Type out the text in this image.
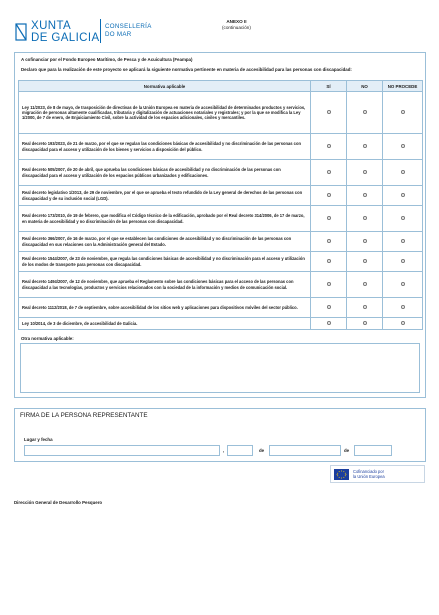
XUNTA
DE GALICIA
CONSELLERÍA
DO MAR
ANEXO II
(continuación)
A cofinanciar por el Fondo Europeo Marítimo, de Pesca y de Acuicultura (Feampa)
Declaro que para la realización de este proyecto se aplicará la siguiente normativa pertinente en materia de accesibilidad para las personas con discapacidad:
Normativa aplicable	SÍ	NO	NO PROCEDE
Ley 11/2023, de 8 de mayo, de trasposición de directivas de la Unión Europea en materia de accesibilidad de determinados productos y servicios, migración de personas altamente cualificadas, tributaria y digitalización de actuaciones notariales y registrales; y por la que se modifica la Ley 1/2000, de 7 de enero, de Enjuiciamiento Civil, sobre la actividad de los espacios adicionales, civiles y mercantiles.			
Real decreto 193/2023, de 21 de marzo, por el que se regulan las condiciones básicas de accesibilidad y no discriminación de las personas con discapacidad para el acceso y utilización de los bienes y servicios a disposición del público.			
Real decreto 505/2007, de 20 de abril, que aprueba las condiciones básicas de accesibilidad y no discriminación de las personas con discapacidad para el acceso y utilización de los espacios públicos urbanizados y edificaciones.			
Real decreto legislativo 1/2013, de 29 de noviembre, por el que se aprueba el texto refundido de la Ley general de derechos de las personas con discapacidad y de su inclusión social (LGD).			
Real decreto 173/2010, de 19 de febrero, que modifica el Código técnico de la edificación, aprobado por el Real decreto 314/2006, de 17 de marzo, en materia de accesibilidad y no discriminación de las personas con discapacidad.			
Real decreto 366/2007, de 16 de marzo, por el que se establecen las condiciones de accesibilidad y no discriminación de las personas con discapacidad en sus relaciones con la Administración general del Estado.			
Real decreto 1544/2007, de 23 de noviembre, que regula las condiciones básicas de accesibilidad y no discriminación para el acceso y utilización de los modos de transporte para personas con discapacidad.			
Real decreto 1494/2007, de 12 de noviembre, que aprueba el Reglamento sobre las condiciones básicas para el acceso de las personas con discapacidad a las tecnologías, productos y servicios relacionados con la sociedad de la información y medios de comunicación social.			
Real decreto 1112/2018, de 7 de septiembre, sobre accesibilidad de los sitios web y aplicaciones para dispositivos móviles del sector público.			
Ley 10/2014, de 3 de diciembre, de accesibilidad de Galicia.			
Otra normativa aplicable:
FIRMA DE LA PERSONA REPRESENTANTE
Lugar y fecha
,	de	de
Cofinanciado por
la Unión Europea
Dirección General de Desarrollo Pesquero
